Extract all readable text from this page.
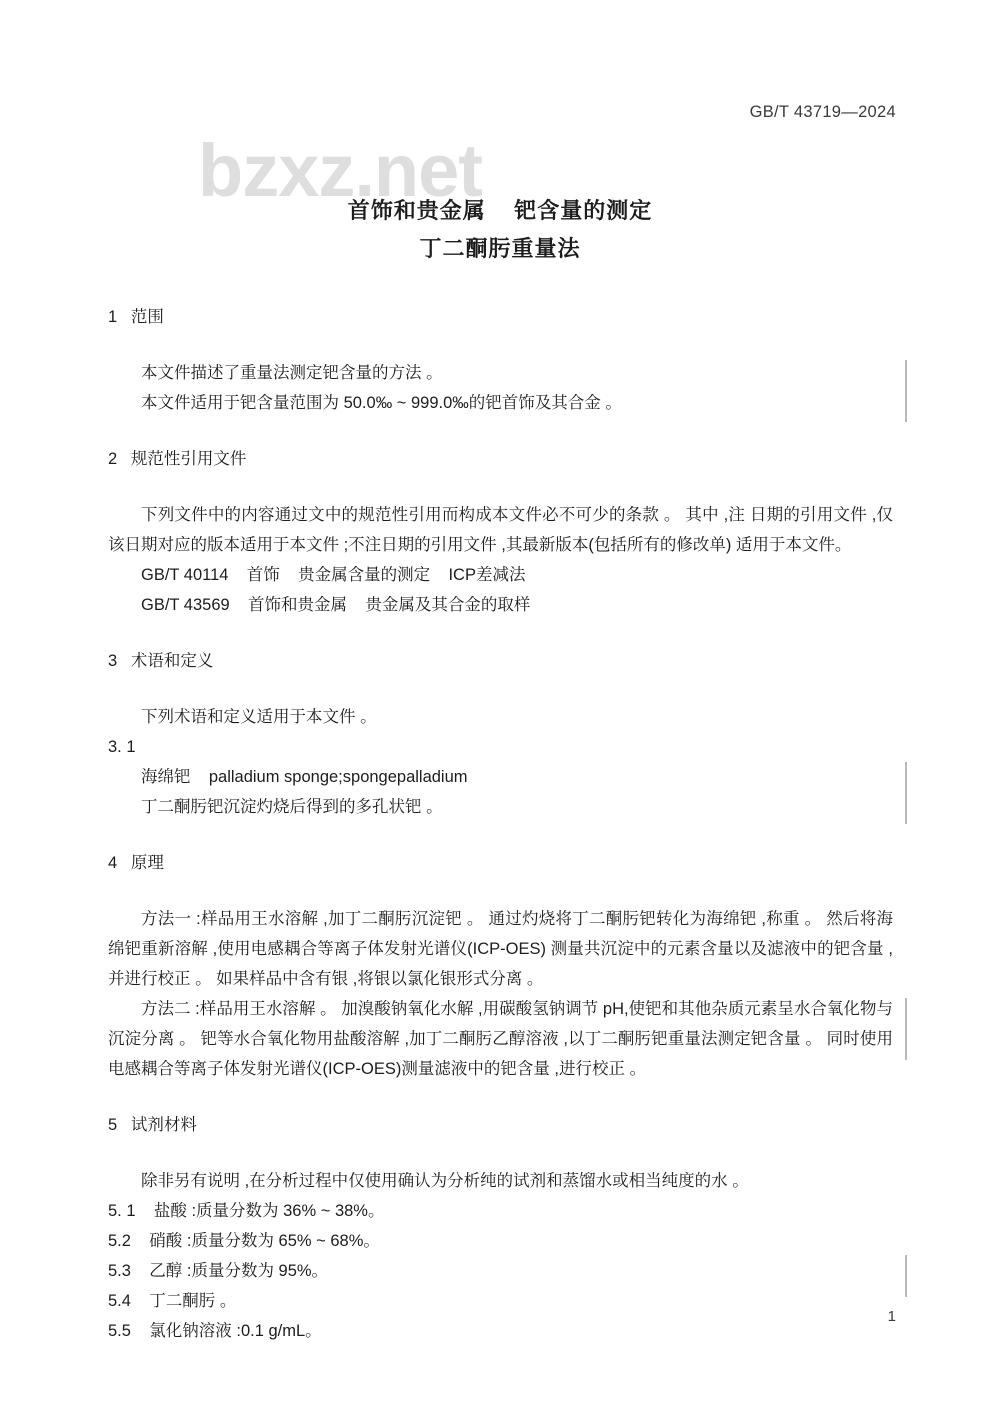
GB/T 43719—2024
bzxz.net
首饰和贵金属    钯含量的测定
丁二酮肟重量法
1   范围

本文件描述了重量法测定钯含量的方法 。

本文件适用于钯含量范围为 50.0‰ ~ 999.0‰的钯首饰及其合金 。

2   规范性引用文件

下列文件中的内容通过文中的规范性引用而构成本文件必不可少的条款 。 其中 ,注 日期的引用文件 ,仅该日期对应的版本适用于本文件 ;不注日期的引用文件 ,其最新版本(包括所有的修改单) 适用于本文件。

GB/T 40114    首饰    贵金属含量的测定    ICP差减法

GB/T 43569    首饰和贵金属    贵金属及其合金的取样

3   术语和定义

下列术语和定义适用于本文件 。

3. 1

海绵钯    palladium sponge;spongepalladium

丁二酮肟钯沉淀灼烧后得到的多孔状钯 。

4   原理

方法一 :样品用王水溶解 ,加丁二酮肟沉淀钯 。 通过灼烧将丁二酮肟钯转化为海绵钯 ,称重 。 然后将海绵钯重新溶解 ,使用电感耦合等离子体发射光谱仪(ICP-OES) 测量共沉淀中的元素含量以及滤液中的钯含量 ,并进行校正 。 如果样品中含有银 ,将银以氯化银形式分离 。

方法二 :样品用王水溶解 。 加溴酸钠氧化水解 ,用碳酸氢钠调节 pH,使钯和其他杂质元素呈水合氧化物与沉淀分离 。 钯等水合氧化物用盐酸溶解 ,加丁二酮肟乙醇溶液 ,以丁二酮肟钯重量法测定钯含量 。 同时使用电感耦合等离子体发射光谱仪(ICP-OES)测量滤液中的钯含量 ,进行校正 。

5   试剂材料

除非另有说明 ,在分析过程中仅使用确认为分析纯的试剂和蒸馏水或相当纯度的水 。

5. 1    盐酸 :质量分数为 36% ~ 38%。

5.2    硝酸 :质量分数为 65% ~ 68%。

5.3    乙醇 :质量分数为 95%。

5.4    丁二酮肟 。

5.5    氯化钠溶液 :0.1 g/mL。

1
